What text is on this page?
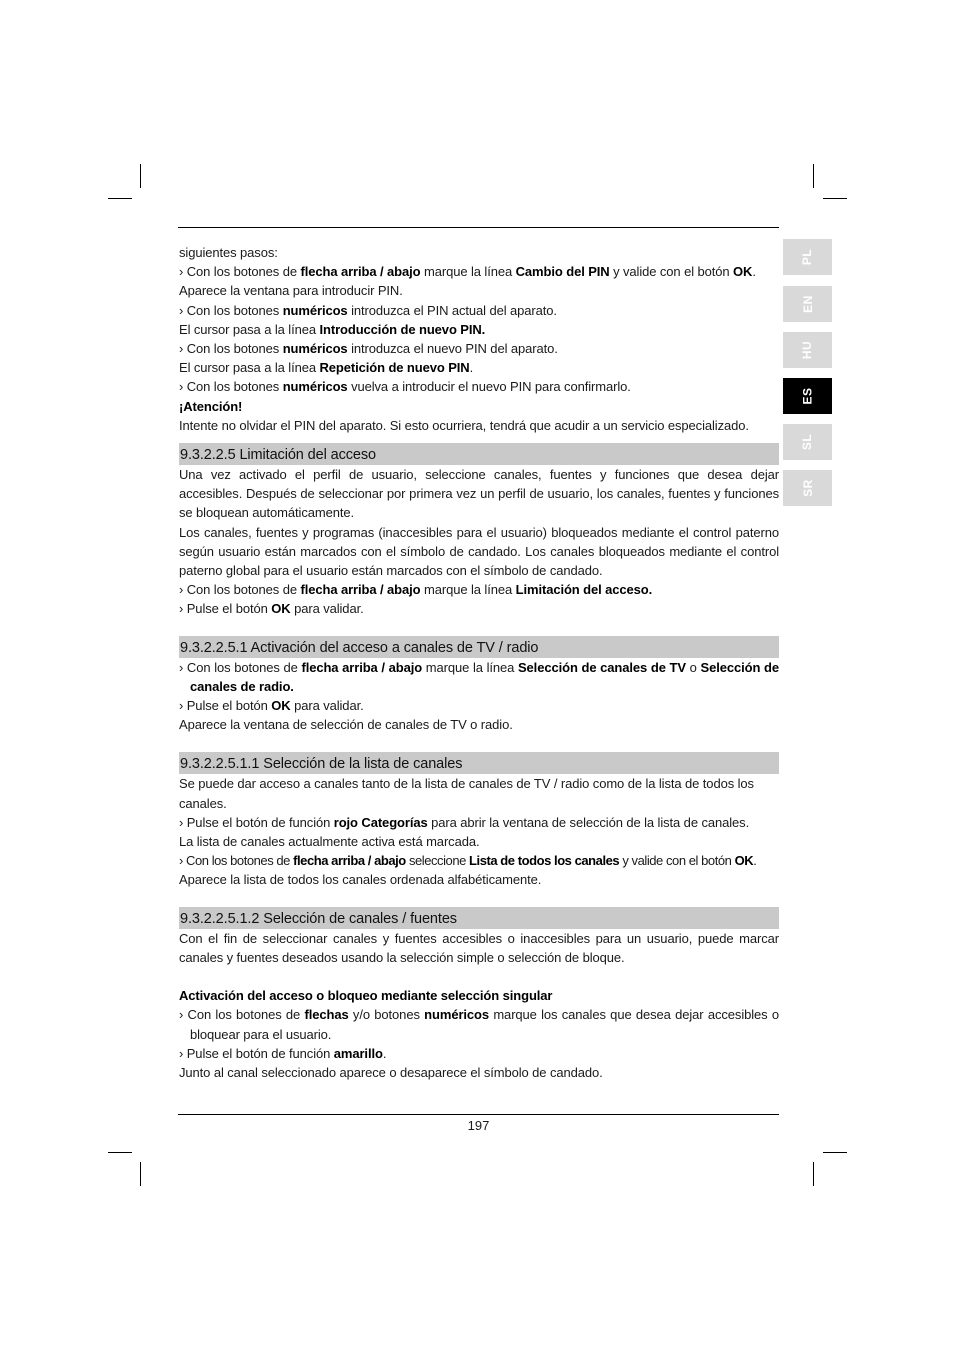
PL
EN
HU
ES
SL
SR

siguientes pasos:

› Con los botones de flecha arriba / abajo marque la línea Cambio del PIN y valide con el botón OK.

Aparece la ventana para introducir PIN.

› Con los botones numéricos introduzca el PIN actual del aparato.

El cursor pasa a la línea Introducción de nuevo PIN.

› Con los botones numéricos introduzca el nuevo PIN del aparato.

El cursor pasa a la línea Repetición de nuevo PIN.

› Con los botones numéricos vuelva a introducir el nuevo PIN para confirmarlo.

¡Atención!

Intente no olvidar el PIN del aparato. Si esto ocurriera, tendrá que acudir a un servicio especializado.

9.3.2.2.5 Limitación del acceso

Una vez activado el perfil de usuario, seleccione canales, fuentes y funciones que desea dejar accesibles. Después de seleccionar por primera vez un perfil de usuario, los canales, fuentes y funciones se bloquean automáticamente.

Los canales, fuentes y programas (inaccesibles para el usuario) bloqueados mediante el control paterno según usuario están marcados con el símbolo de candado. Los canales bloqueados mediante el control paterno global para el usuario están marcados con el símbolo de candado.

› Con los botones de flecha arriba / abajo marque la línea Limitación del acceso.

› Pulse el botón OK para validar.

9.3.2.2.5.1 Activación del acceso a canales de TV / radio

› Con los botones de flecha arriba / abajo marque la línea Selección de canales de TV o Selección de canales de radio.

› Pulse el botón OK para validar.

Aparece la ventana de selección de canales de TV o radio.

9.3.2.2.5.1.1 Selección de la lista de canales

Se puede dar acceso a canales tanto de la lista de canales de TV / radio como de la lista de todos los canales.

› Pulse el botón de función rojo Categorías para abrir la ventana de selección de la lista de canales.

La lista de canales actualmente activa está marcada.

› Con los botones de flecha arriba / abajo seleccione Lista de todos los canales y valide con el botón OK.

Aparece la lista de todos los canales ordenada alfabéticamente.

9.3.2.2.5.1.2 Selección de canales / fuentes

Con el fin de seleccionar canales y fuentes accesibles o inaccesibles para un usuario, puede marcar canales y fuentes deseados usando la selección simple o selección de bloque.

Activación del acceso o bloqueo mediante selección singular

› Con los botones de flechas y/o botones numéricos marque los canales que desea dejar accesibles o bloquear para el usuario.

› Pulse el botón de función amarillo.

Junto al canal seleccionado aparece o desaparece el símbolo de candado.

197
